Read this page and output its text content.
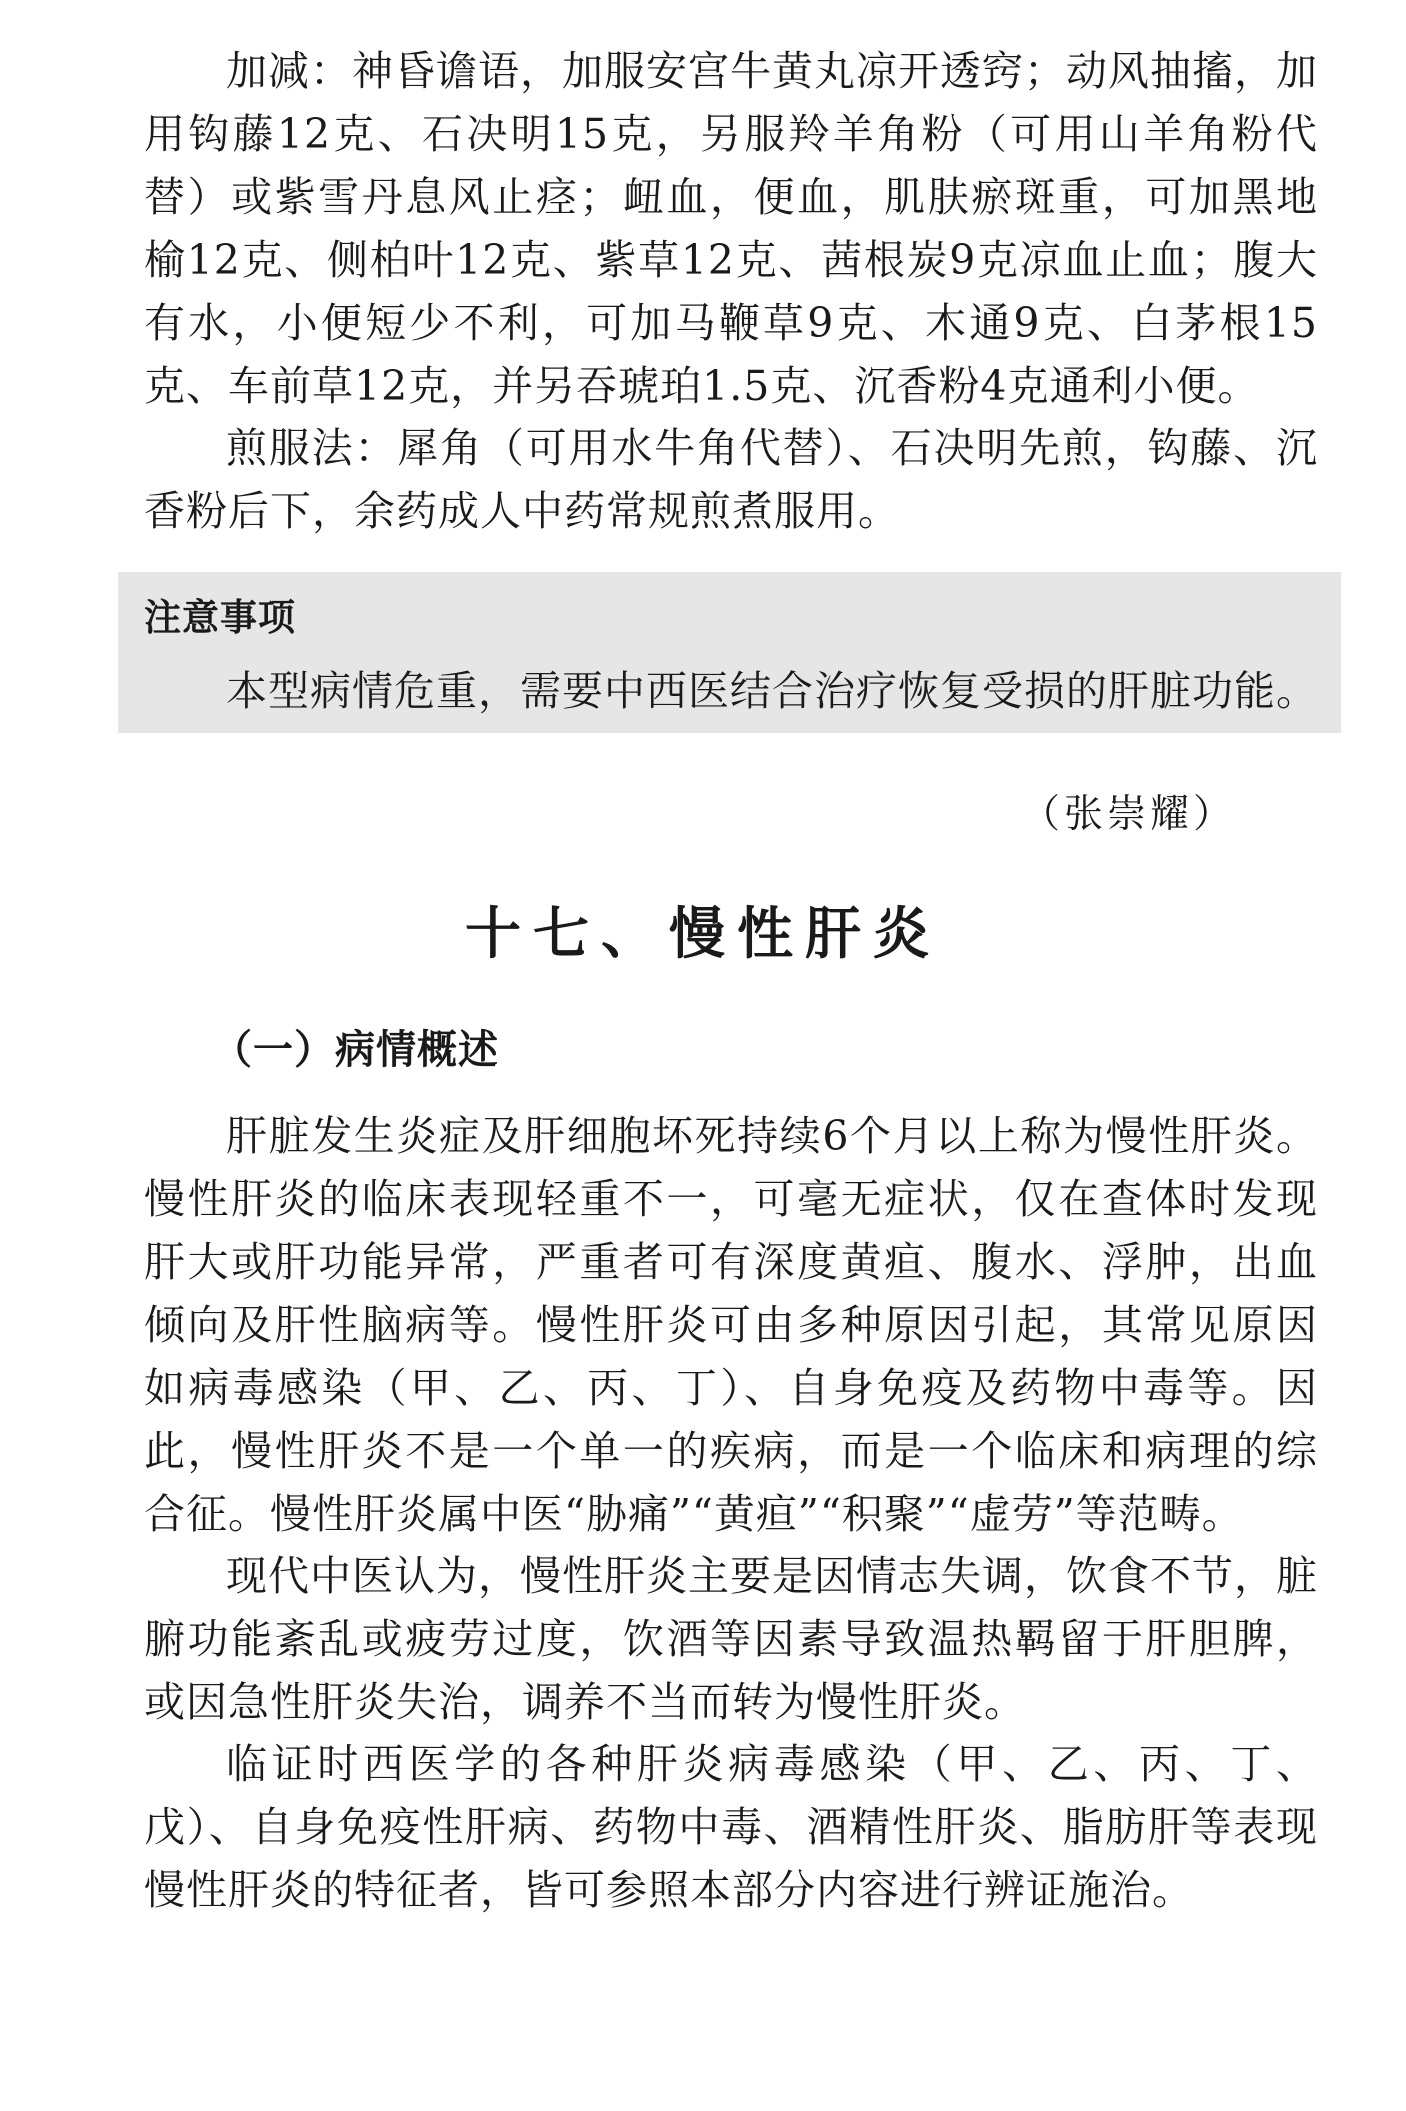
加减：神昏谵语，加服安宫牛黄丸凉开透窍；动风抽搐，加用钩藤12克、石决明15克，另服羚羊角粉（可用山羊角粉代替）或紫雪丹息风止痉；衄血，便血，肌肤瘀斑重，可加黑地榆12克、侧柏叶12克、紫草12克、茜根炭9克凉血止血；腹大有水，小便短少不利，可加马鞭草9克、木通9克、白茅根15克、车前草12克，并另吞琥珀1.5克、沉香粉4克通利小便。

煎服法：犀角（可用水牛角代替）、石决明先煎，钩藤、沉香粉后下，余药成人中药常规煎煮服用。

注意事项

本型病情危重，需要中西医结合治疗恢复受损的肝脏功能。

（张崇耀）

十七、慢性肝炎
（一）病情概述

肝脏发生炎症及肝细胞坏死持续6个月以上称为慢性肝炎。慢性肝炎的临床表现轻重不一，可毫无症状，仅在查体时发现肝大或肝功能异常，严重者可有深度黄疸、腹水、浮肿，出血倾向及肝性脑病等。慢性肝炎可由多种原因引起，其常见原因如病毒感染（甲、乙、丙、丁）、自身免疫及药物中毒等。因此，慢性肝炎不是一个单一的疾病，而是一个临床和病理的综合征。慢性肝炎属中医“胁痛”“黄疸”“积聚”“虚劳”等范畴。

现代中医认为，慢性肝炎主要是因情志失调，饮食不节，脏腑功能紊乱或疲劳过度，饮酒等因素导致温热羁留于肝胆脾，或因急性肝炎失治，调养不当而转为慢性肝炎。

临证时西医学的各种肝炎病毒感染（甲、乙、丙、丁、戊）、自身免疫性肝病、药物中毒、酒精性肝炎、脂肪肝等表现慢性肝炎的特征者，皆可参照本部分内容进行辨证施治。
